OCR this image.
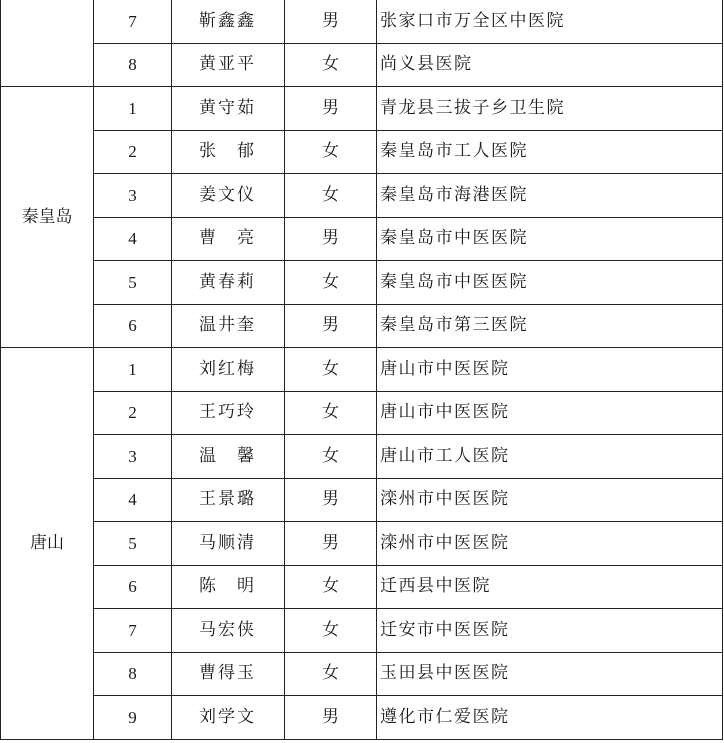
	7	靳鑫鑫	男	张家口市万全区中医院
	8	黄亚平	女	尚义县医院
秦皇岛	1	黄守茹	男	青龙县三拔子乡卫生院
	2	张　郁	女	秦皇岛市工人医院
	3	姜文仪	女	秦皇岛市海港医院
	4	曹　亮	男	秦皇岛市中医医院
	5	黄春莉	女	秦皇岛市中医医院
	6	温井奎	男	秦皇岛市第三医院
唐山	1	刘红梅	女	唐山市中医医院
	2	王巧玲	女	唐山市中医医院
	3	温　馨	女	唐山市工人医院
	4	王景璐	男	滦州市中医医院
	5	马顺清	男	滦州市中医医院
	6	陈　明	女	迁西县中医院
	7	马宏侠	女	迁安市中医医院
	8	曹得玉	女	玉田县中医医院
	9	刘学文	男	遵化市仁爱医院
